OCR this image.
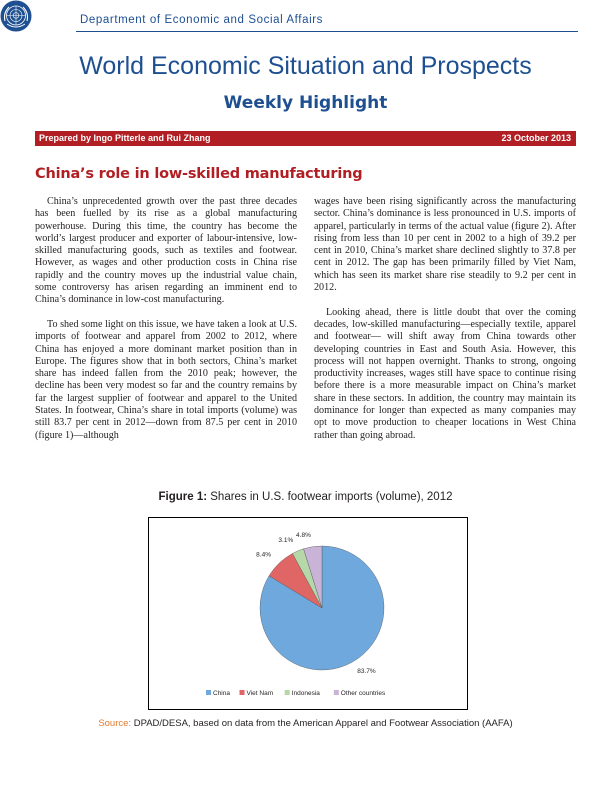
Department of Economic and Social Affairs
World Economic Situation and Prospects
Weekly Highlight
Prepared by Ingo Pitterle and Rui Zhang	23 October 2013
China’s role in low-skilled manufacturing

China’s unprecedented growth over the past three decades has been fuelled by its rise as a global manufacturing powerhouse. During this time, the country has become the world’s largest producer and exporter of labour-intensive, low-skilled manufacturing goods, such as textiles and footwear. However, as wages and other production costs in China rise rapidly and the country moves up the industrial value chain, some controversy has arisen regarding an imminent end to China’s dominance in low-cost manufacturing.

To shed some light on this issue, we have taken a look at U.S. imports of footwear and apparel from 2002 to 2012, where China has enjoyed a more dominant market position than in Europe. The figures show that in both sectors, China’s market share has indeed fallen from the 2010 peak; however, the decline has been very modest so far and the country remains by far the largest supplier of footwear and apparel to the United States. In footwear, China’s share in total imports (volume) was still 83.7 per cent in 2012—down from 87.5 per cent in 2010 (figure 1)—although

wages have been rising significantly across the manufacturing sector. China’s dominance is less pronounced in U.S. imports of apparel, particularly in terms of the actual value (figure 2). After rising from less than 10 per cent in 2002 to a high of 39.2 per cent in 2010, China’s market share declined slightly to 37.8 per cent in 2012. The gap has been primarily filled by Viet Nam, which has seen its market share rise steadily to 9.2 per cent in 2012.

Looking ahead, there is little doubt that over the coming decades, low-skilled manufacturing—especially textile, apparel and footwear— will shift away from China towards other developing countries in East and South Asia. However, this process will not happen overnight. Thanks to strong, ongoing productivity increases, wages still have space to continue rising before there is a more measurable impact on China’s market share in these sectors. In addition, the country may maintain its dominance for longer than expected as many companies may opt to move production to cheaper locations in West China rather than going abroad.

Figure 1: Shares in U.S. footwear imports (volume), 2012
83.7%
8.4%
3.1%
4.8%
China	Viet Nam	Indonesia	Other countries
Source: DPAD/DESA, based on data from the American Apparel and Footwear Association (AAFA)
